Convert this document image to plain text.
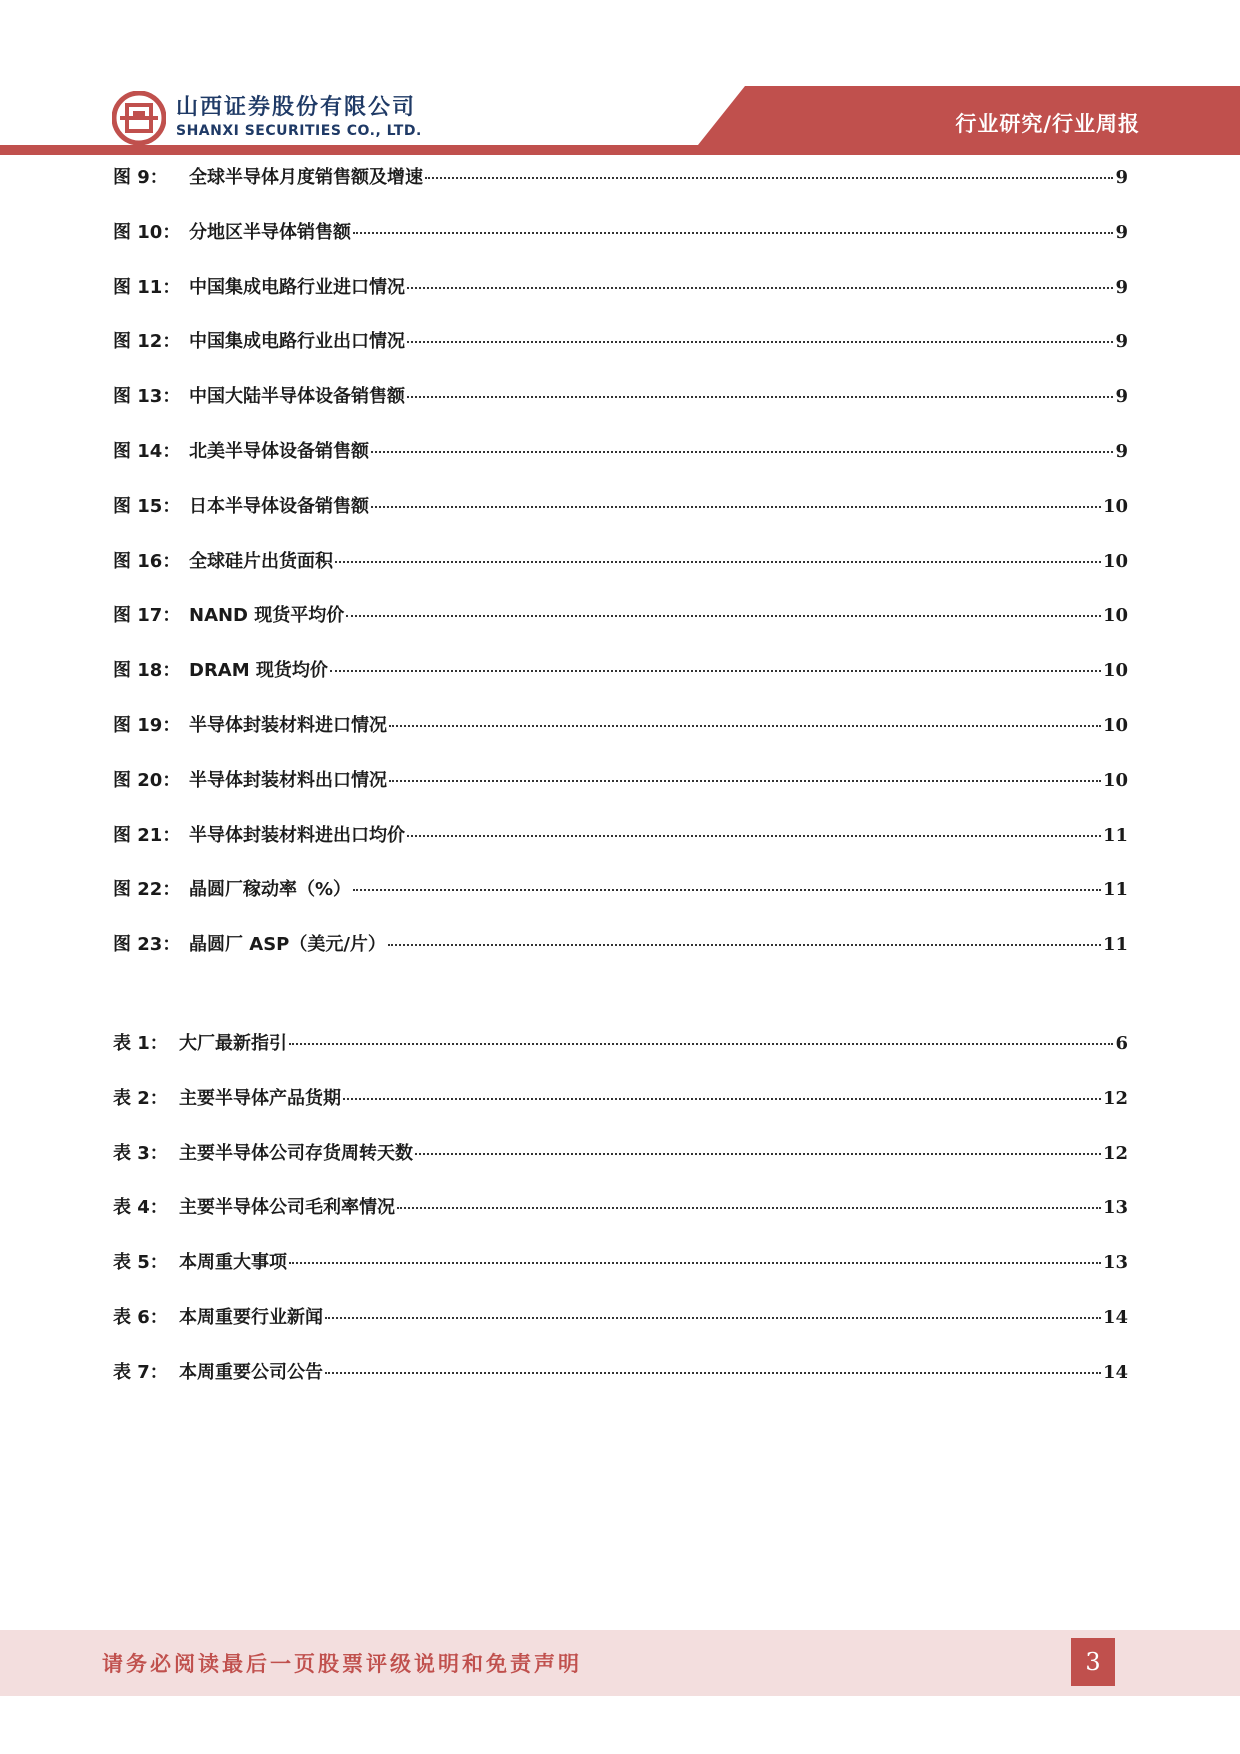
山西证券股份有限公司
SHANXI SECURITIES CO., LTD.	行业研究/行业周报
图 9：	全球半导体月度销售额及增速	9
图 10： 分地区半导体销售额	9
图 11： 中国集成电路行业进口情况	9
图 12： 中国集成电路行业出口情况	9
图 13： 中国大陆半导体设备销售额	9
图 14： 北美半导体设备销售额	9
图 15： 日本半导体设备销售额	10
图 16： 全球硅片出货面积	10
图 17： NAND 现货平均价	10
图 18： DRAM 现货均价	10
图 19： 半导体封装材料进口情况	10
图 20： 半导体封装材料出口情况	10
图 21： 半导体封装材料进出口均价	11
图 22： 晶圆厂稼动率（%）	11
图 23： 晶圆厂 ASP（美元/片）	11
表 1： 大厂最新指引	6
表 2： 主要半导体产品货期	12
表 3： 主要半导体公司存货周转天数	12
表 4： 主要半导体公司毛利率情况	13
表 5： 本周重大事项	13
表 6： 本周重要行业新闻	14
表 7： 本周重要公司公告	14
请务必阅读最后一页股票评级说明和免责声明	3
